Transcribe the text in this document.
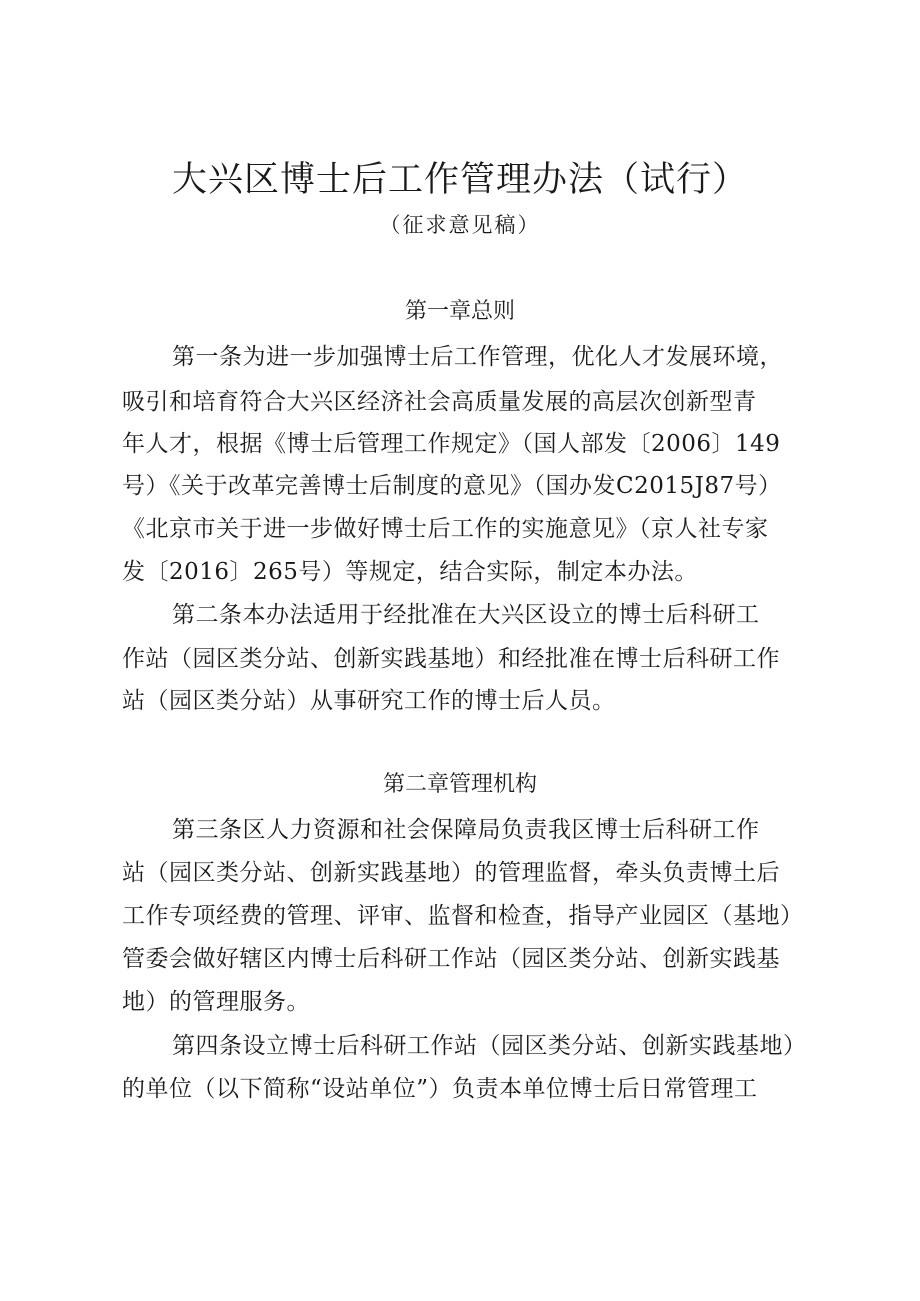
大兴区博士后工作管理办法（试行）
（征求意见稿）
第一章总则
第一条为进一步加强博士后工作管理，优化人才发展环境，
吸引和培育符合大兴区经济社会高质量发展的高层次创新型青
年人才，根据《博士后管理工作规定》（国人部发〔2006〕149
号）《关于改革完善博士后制度的意见》（国办发C2015J87号）
《北京市关于进一步做好博士后工作的实施意见》（京人社专家
发〔2016〕265号）等规定，结合实际，制定本办法。
第二条本办法适用于经批准在大兴区设立的博士后科研工
作站（园区类分站、创新实践基地）和经批准在博士后科研工作
站（园区类分站）从事研究工作的博士后人员。
第二章管理机构
第三条区人力资源和社会保障局负责我区博士后科研工作
站（园区类分站、创新实践基地）的管理监督，牵头负责博土后
工作专项经费的管理、评审、监督和检查，指导产业园区（基地）
管委会做好辖区内博士后科研工作站（园区类分站、创新实践基
地）的管理服务。
第四条设立博士后科研工作站（园区类分站、创新实践基地）
的单位（以下简称“设站单位”）负责本单位博士后日常管理工
